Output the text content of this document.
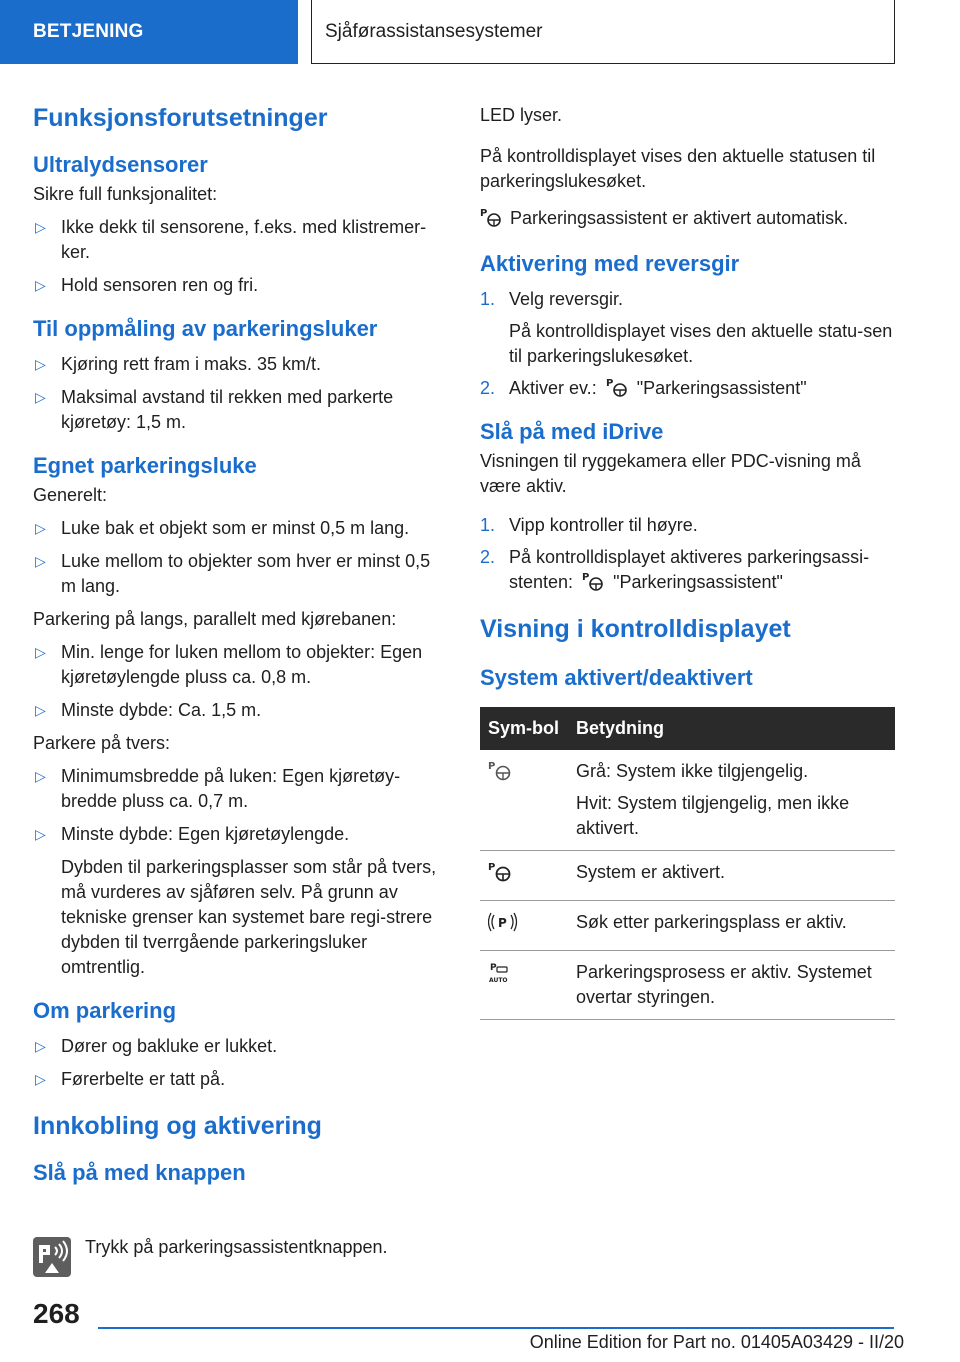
BETJENING	Sjåførassistansesystemer
Funksjonsforutsetninger
Ultralydsensorer

Sikre full funksjonalitet:

▷ Ikke dekk til sensorene, f.eks. med klistremer-ker.
▷ Hold sensoren ren og fri.
Til oppmåling av parkeringsluker
▷ Kjøring rett fram i maks. 35 km/t.
▷ Maksimal avstand til rekken med parkerte kjøretøy: 1,5 m.
Egnet parkeringsluke

Generelt:

▷ Luke bak et objekt som er minst 0,5 m lang.
▷ Luke mellom to objekter som hver er minst 0,5 m lang.

Parkering på langs, parallelt med kjørebanen:

▷ Min. lenge for luken mellom to objekter: Egen kjøretøylengde pluss ca. 0,8 m.
▷ Minste dybde: Ca. 1,5 m.

Parkere på tvers:

▷ Minimumsbredde på luken: Egen kjøretøy-bredde pluss ca. 0,7 m.
▷ Minste dybde: Egen kjøretøylengde.
Dybden til parkeringsplasser som står på tvers, må vurderes av sjåføren selv. På grunn av tekniske grenser kan systemet bare regi-strere dybden til tverrgående parkeringsluker omtrentlig.
Om parkering
▷ Dører og bakluke er lukket.
▷ Førerbelte er tatt på.
Innkobling og aktivering
Slå på med knappen
Trykk på parkeringsassistentknappen.

LED lyser.

På kontrolldisplayet vises den aktuelle statusen til parkeringslukesøket.

P Parkeringsassistent er aktivert automatisk.

Aktivering med reversgir
1. Velg reversgir.
På kontrolldisplayet vises den aktuelle statu-sen til parkeringslukesøket.
2. Aktiver ev.: P "Parkeringsassistent"
Slå på med iDrive

Visningen til ryggekamera eller PDC-visning må være aktiv.

1. Vipp kontroller til høyre.
2. På kontrolldisplayet aktiveres parkeringsassi-stenten: P "Parkeringsassistent"
Visning i kontrolldisplayet
System aktivert/deaktivert
Sym-bol	Betydning

P	Grå: System ikke tilgjengelig.

Hvit: System tilgjengelig, men ikke aktivert.

P	System er aktivert.

P	Søk etter parkeringsplass er aktiv.

P
AUTO	Parkeringsprosess er aktiv. Systemet overtar styringen.

268
Online Edition for Part no. 01405A03429 - II/20
